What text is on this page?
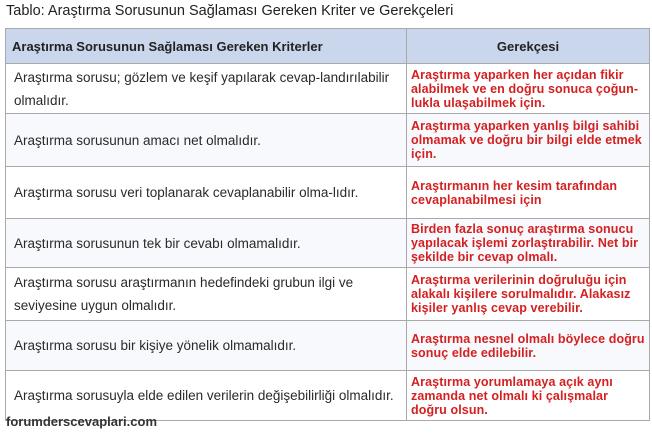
Tablo: Araştırma Sorusunun Sağlaması Gereken Kriter ve Gerekçeleri
Araştırma Sorusunun Sağlaması Gereken Kriterler	Gerekçesi
Araştırma sorusu; gözlem ve keşif yapılarak cevap-landırılabilir olmalıdır.	Araştırma yaparken her açıdan fikir alabilmek ve en doğru sonuca çoğun-lukla ulaşabilmek için.
Araştırma sorusunun amacı net olmalıdır.	Araştırma yaparken yanlış bilgi sahibi olmamak ve doğru bir bilgi elde etmek için.
Araştırma sorusu veri toplanarak cevaplanabilir olma-lıdır.	Araştırmanın her kesim tarafından cevaplanabilmesi için
Araştırma sorusunun tek bir cevabı olmamalıdır.	Birden fazla sonuç araştırma sonucu yapılacak işlemi zorlaştırabilir. Net bir şekilde bir cevap olmalı.
Araştırma sorusu araştırmanın hedefindeki grubun ilgi ve seviyesine uygun olmalıdır.	Araştırma verilerinin doğruluğu için alakalı kişilere sorulmalıdır. Alakasız kişiler yanlış cevap verebilir.
Araştırma sorusu bir kişiye yönelik olmamalıdır.	Araştırma nesnel olmalı böylece doğru sonuç elde edilebilir.
Araştırma sorusuyla elde edilen verilerin değişebilirliği olmalıdır.	Araştırma yorumlamaya açık aynı zamanda net olmalı ki çalışmalar doğru olsun.
forumderscevaplari.com
